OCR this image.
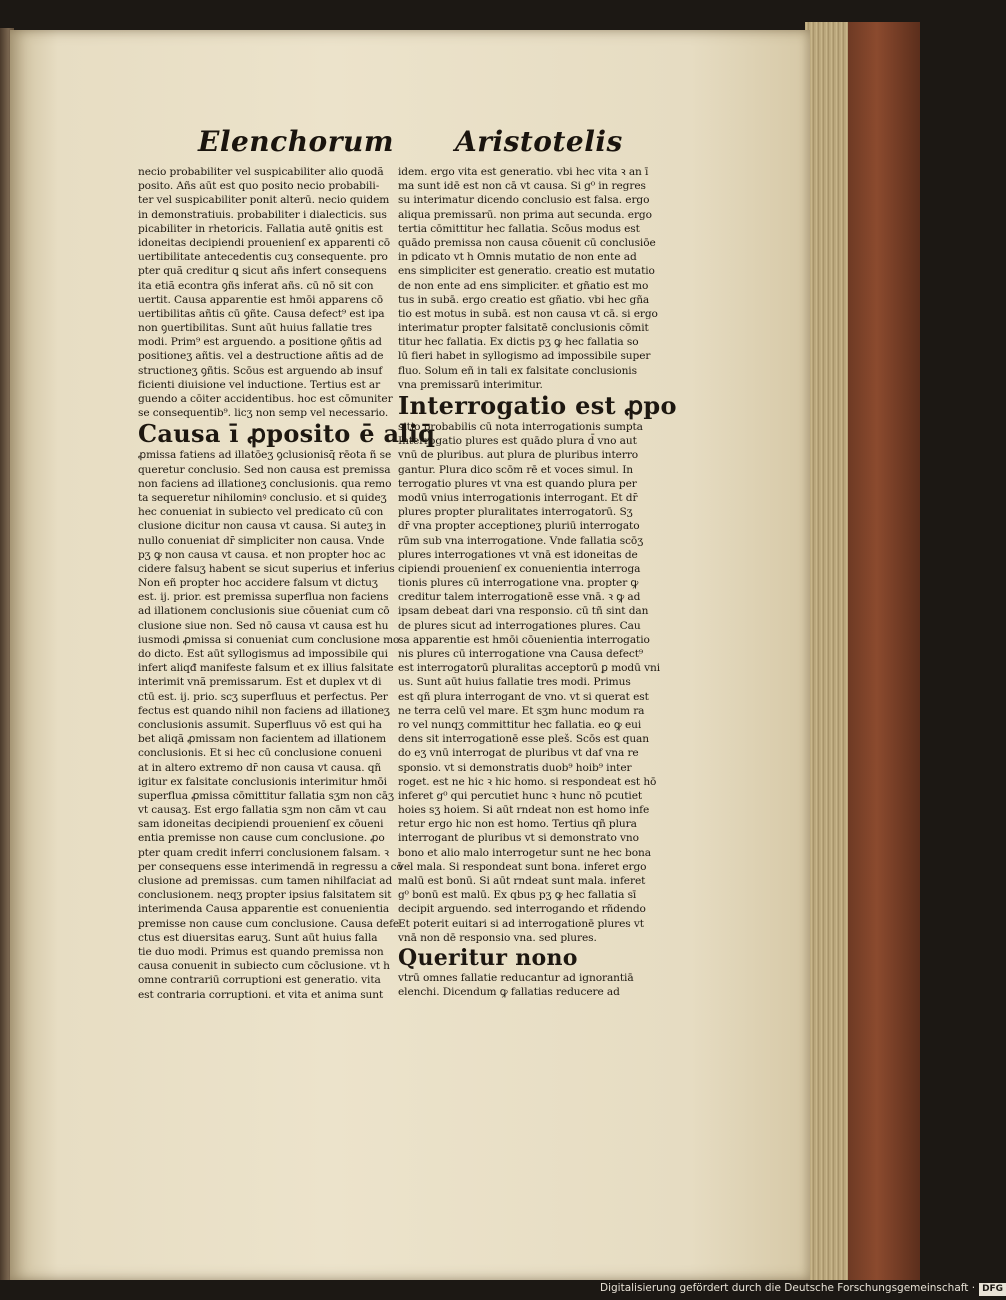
Elenchorum Aristotelis
necio probabiliter vel suspicabiliter alio quodã
posito. Añs aūt est quo posito necio probabili-
ter vel suspicabiliter ponit alterū. necio quidem
in demonstratiuis. probabiliter i dialecticis. sus
picabiliter in rhetoricis. Fallatia autē ꝯnitis est
idoneitas decipiendi prouenienſ ex apparenti cō
uertibilitate antecedentis cuʒ consequente. pro
pter quã creditur ꝗ sicut añs infert consequens
ita etiã econtra ꝯñs inferat añs. cū nō sit con
uertit. Causa apparentie est hmōi apparens cō
uertibilitas añtis cū ꝯñte. Causa defect⁹ est ipa
non ꝯuertibilitas. Sunt aūt huius fallatie tres
modi. Prim⁹ est arguendo. a positione ꝯñtis ad
positioneʒ añtis. vel a destructione añtis ad de
structioneʒ ꝯñtis. Scōus est arguendo ab insuf
ficienti diuisione vel inductione. Tertius est ar
guendo a cōiter accidentibus. hoc est cōmuniter
se consequentib⁹. licʒ non semp vel necessario.
Causa ī ꝓposito ē aliq̄
ꝓmissa fatiens ad illatōeʒ ꝯclusionisq̄ rēota ñ se
queretur conclusio. Sed non causa est premissa
non faciens ad illationeʒ conclusionis. qua remo
ta sequeretur nihilominꝰ conclusio. et si quideʒ
hec conueniat in subiecto vel predicato cū con
clusione dicitur non causa vt causa. Si auteʒ in
nullo conueniat dr̄ simpliciter non causa. Vnde
pʒ ꝙ non causa vt causa. et non propter hoc ac
cidere falsuʒ habent se sicut superius et inferius
Non eñ propter hoc accidere falsum vt dictuʒ
est. ij. prior. est premissa superflua non faciens
ad illationem conclusionis siue cōueniat cum cō
clusione siue non. Sed nō causa vt causa est hu
iusmodi ꝓmissa si conueniat cum conclusione mo
do dicto. Est aūt syllogismus ad impossibile qui
infert aliqđ manifeste falsum et ex illius falsitate
interimit vnã premissarum. Est et duplex vt di
ctū est. ij. prio. scʒ superfluus et perfectus. Per
fectus est quando nihil non faciens ad illationeʒ
conclusionis assumit. Superfluus vō est qui ha
bet aliqã ꝓmissam non facientem ad illationem
conclusionis. Et si hec cū conclusione conueni
at in altero extremo dr̄ non causa vt causa. qñ
igitur ex falsitate conclusionis interimitur hmōi
superflua ꝓmissa cōmittitur fallatia sʒm non cāʒ
vt causaʒ. Est ergo fallatia sʒm non cām vt cau
sam idoneitas decipiendi prouenienſ ex cōueni
entia premisse non cause cum conclusione. ꝓo
pter quam credit inferri conclusionem falsam. ꝛ
per consequens esse interimendã in regressu a cō
clusione ad premissas. cum tamen nihilfaciat ad
conclusionem. neqʒ propter ipsius falsitatem sit
interimenda Causa apparentie est conuenientia
premisse non cause cum conclusione. Causa defe
ctus est diuersitas earuʒ. Sunt aūt huius falla
tie duo modi. Primus est quando premissa non
causa conuenit in subiecto cum cōclusione. vt h
omne contrariū corruptioni est generatio. vita
est contraria corruptioni. et vita et anima sunt
idem. ergo vita est generatio. vbi hec vita ꝛ an ī
ma sunt idē est non cā vt causa. Si g⁰ in regres
su interimatur dicendo conclusio est falsa. ergo
aliqua premissarū. non prima aut secunda. ergo
tertia cōmittitur hec fallatia. Scōus modus est
quādo premissa non causa cōuenit cū conclusiōe
in pdicato vt h Omnis mutatio de non ente ad
ens simpliciter est generatio. creatio est mutatio
de non ente ad ens simpliciter. et gñatio est mo
tus in subā. ergo creatio est gñatio. vbi hec gña
tio est motus in subā. est non causa vt cā. si ergo
interimatur propter falsitatē conclusionis cōmit
titur hec fallatia. Ex dictis pʒ ꝙ hec fallatia so
lū fieri habet in syllogismo ad impossibile super
fluo. Solum eñ in tali ex falsitate conclusionis
vna premissarū interimitur.
Interrogatio est ꝓpo
sitio probabilis cū nota interrogationis sumpta
Interrogatio plures est quādo plura d̄ vno aut
vnū de pluribus. aut plura de pluribus interro
gantur. Plura dico scōm rē et voces simul. In
terrogatio plures vt vna est quando plura per
modū vnius interrogationis interrogant. Et dr̄
plures propter pluralitates interrogatorū. Sʒ
dr̄ vna propter acceptioneʒ pluriū interrogato
rūm sub vna interrogatione. Vnde fallatia scōʒ
plures interrogationes vt vnā est idoneitas de
cipiendi prouenienſ ex conuenientia interroga
tionis plures cū interrogatione vna. propter ꝙ
creditur talem interrogationē esse vnā. ꝛ ꝙ ad
ipsam debeat dari vna responsio. cū tñ sint dan
de plures sicut ad interrogationes plures. Cau
sa apparentie est hmōi cōuenientia interrogatio
nis plures cū interrogatione vna Causa defect⁹
est interrogatorū pluralitas acceptorū ꝑ modū vni
us. Sunt aūt huius fallatie tres modi. Primus
est qñ plura interrogant de vno. vt si querat est
ne terra celū vel mare. Et sʒm hunc modum ra
ro vel nunqʒ committitur hec fallatia. eo ꝙ eui
dens sit interrogationē esse pleš. Scōs est quan
do eʒ vnū interrogat de pluribus vt daf vna re
sponsio. vt si demonstratis duob⁹ hoib⁹ inter
roget. est ne hic ꝛ hic homo. si respondeat est hō
inferet g⁰ qui percutiet hunc ꝛ hunc nō pcutiet
hoies sʒ hoiem. Si aūt rndeat non est homo infe
retur ergo hic non est homo. Tertius qñ plura
interrogant de pluribus vt si demonstrato vno
bono et alio malo interrogetur sunt ne hec bona
vel mala. Si respondeat sunt bona. inferet ergo
malū est bonū. Si aūt rndeat sunt mala. inferet
g⁰ bonū est malū. Ex qbus pʒ ꝙ hec fallatia sī
decipit arguendo. sed interrogando et rñdendo
Et poterit euitari si ad interrogationē plures vt
vnā non dē responsio vna. sed plures.
Queritur nono
vtrū omnes fallatie reducantur ad ignorantiā
elenchi. Dicendum ꝙ fallatias reducere ad
Digitalisierung gefördert durch die Deutsche Forschungsgemeinschaft · DFG
